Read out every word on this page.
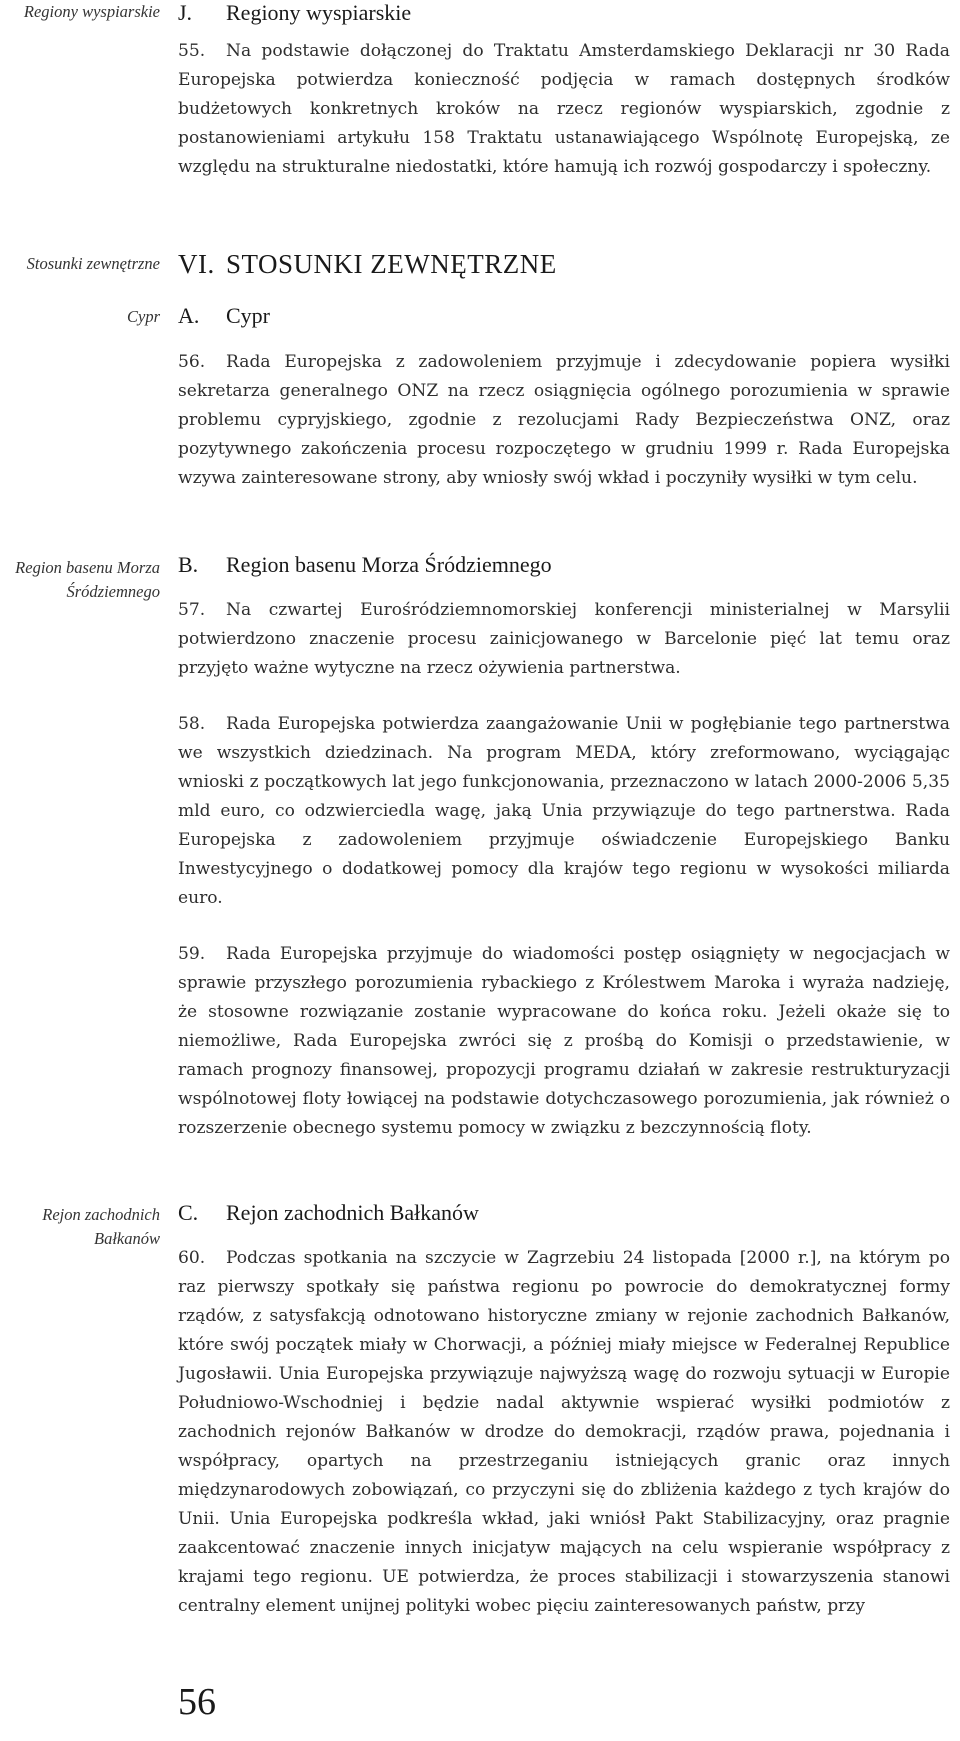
Regiony wyspiarskie J. Regiony wyspiarskie

55. Na podstawie dołączonej do Traktatu Amsterdamskiego Deklaracji nr 30 Rada Europejska potwierdza konieczność podjęcia w ramach dostępnych środków budżetowych konkretnych kroków na rzecz regionów wyspiarskich, zgodnie z postanowieniami artykułu 158 Traktatu ustanawiającego Wspólnotę Europejską, ze względu na strukturalne niedostatki, które hamują ich rozwój gospodarczy i społeczny.

Stosunki zewnętrzne VI. STOSUNKI ZEWNĘTRZNE
Cypr A. Cypr

56. Rada Europejska z zadowoleniem przyjmuje i zdecydowanie popiera wysiłki sekretarza generalnego ONZ na rzecz osiągnięcia ogólnego porozumienia w sprawie problemu cypryjskiego, zgodnie z rezolucjami Rady Bezpieczeństwa ONZ, oraz pozytywnego zakończenia procesu rozpoczętego w grudniu 1999 r. Rada Europejska wzywa zainteresowane strony, aby wniosły swój wkład i poczyniły wysiłki w tym celu.

Region basenu Morza Śródziemnego
B. Region basenu Morza Śródziemnego

57. Na czwartej Eurośródziemnomorskiej konferencji ministerialnej w Marsylii potwierdzono znaczenie procesu zainicjowanego w Barcelonie pięć lat temu oraz przyjęto ważne wytyczne na rzecz ożywienia partnerstwa.

58. Rada Europejska potwierdza zaangażowanie Unii w pogłębianie tego partnerstwa we wszystkich dziedzinach. Na program MEDA, który zreformowano, wyciągając wnioski z początkowych lat jego funkcjonowania, przeznaczono w latach 2000-2006 5,35 mld euro, co odzwierciedla wagę, jaką Unia przywiązuje do tego partnerstwa. Rada Europejska z zadowoleniem przyjmuje oświadczenie Europejskiego Banku Inwestycyjnego o dodatkowej pomocy dla krajów tego regionu w wysokości miliarda euro.

59. Rada Europejska przyjmuje do wiadomości postęp osiągnięty w negocjacjach w sprawie przyszłego porozumienia rybackiego z Królestwem Maroka i wyraża nadzieję, że stosowne rozwiązanie zostanie wypracowane do końca roku. Jeżeli okaże się to niemożliwe, Rada Europejska zwróci się z prośbą do Komisji o przedstawienie, w ramach prognozy finansowej, propozycji programu działań w zakresie restrukturyzacji wspólnotowej floty łowiącej na podstawie dotychczasowego porozumienia, jak również o rozszerzenie obecnego systemu pomocy w związku z bezczynnością floty.

Rejon zachodnich Bałkanów
C. Rejon zachodnich Bałkanów

60. Podczas spotkania na szczycie w Zagrzebiu 24 listopada [2000 r.], na którym po raz pierwszy spotkały się państwa regionu po powrocie do demokratycznej formy rządów, z satysfakcją odnotowano historyczne zmiany w rejonie zachodnich Bałkanów, które swój początek miały w Chorwacji, a później miały miejsce w Federalnej Republice Jugosławii. Unia Europejska przywiązuje najwyższą wagę do rozwoju sytuacji w Europie Południowo-Wschodniej i będzie nadal aktywnie wspierać wysiłki podmiotów z zachodnich rejonów Bałkanów w drodze do demokracji, rządów prawa, pojednania i współpracy, opartych na przestrzeganiu istniejących granic oraz innych międzynarodowych zobowiązań, co przyczyni się do zbliżenia każdego z tych krajów do Unii. Unia Europejska podkreśla wkład, jaki wniósł Pakt Stabilizacyjny, oraz pragnie zaakcentować znaczenie innych inicjatyw mających na celu wspieranie współpracy z krajami tego regionu. UE potwierdza, że proces stabilizacji i stowarzyszenia stanowi centralny element unijnej polityki wobec pięciu zainteresowanych państw, przy

56
